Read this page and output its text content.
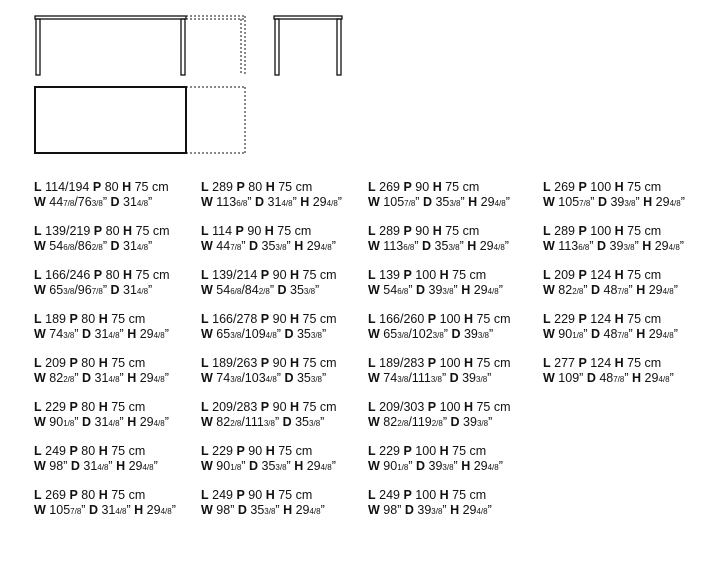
L 114/194 P 80 H 75 cm
W 447/8/763/8” D 314/8”
L 139/219 P 80 H 75 cm
W 546/8/862/8” D 314/8”
L 166/246 P 80 H 75 cm
W 653/8/967/8” D 314/8”
L 189 P 80 H 75 cm
W 743/8” D 314/8” H 294/8”
L 209 P 80 H 75 cm
W 822/8” D 314/8” H 294/8”
L 229 P 80 H 75 cm
W 901/8” D 314/8” H 294/8”
L 249 P 80 H 75 cm
W 98” D 314/8” H 294/8”
L 269 P 80 H 75 cm
W 1057/8” D 314/8” H 294/8”
L 289 P 80 H 75 cm
W 1136/8” D 314/8” H 294/8”
L 114 P 90 H 75 cm
W 447/8” D 353/8” H 294/8”
L 139/214 P 90 H 75 cm
W 546/8/842/8” D 353/8”
L 166/278 P 90 H 75 cm
W 653/8/1094/8” D 353/8”
L 189/263 P 90 H 75 cm
W 743/8/1034/8” D 353/8”
L 209/283 P 90 H 75 cm
W 822/8/1113/8” D 353/8”
L 229 P 90 H 75 cm
W 901/8” D 353/8” H 294/8”
L 249 P 90 H 75 cm
W 98” D 353/8” H 294/8”
L 269 P 90 H 75 cm
W 1057/8” D 353/8” H 294/8”
L 289 P 90 H 75 cm
W 1136/8” D 353/8” H 294/8”
L 139 P 100 H 75 cm
W 546/8” D 393/8” H 294/8”
L 166/260 P 100 H 75 cm
W 653/8/1023/8” D 393/8”
L 189/283 P 100 H 75 cm
W 743/8/1113/8” D 393/8”
L 209/303 P 100 H 75 cm
W 822/8/1192/8” D 393/8”
L 229 P 100 H 75 cm
W 901/8” D 393/8” H 294/8”
L 249 P 100 H 75 cm
W 98” D 393/8” H 294/8”
L 269 P 100 H 75 cm
W 1057/8” D 393/8” H 294/8”
L 289 P 100 H 75 cm
W 1136/8” D 393/8” H 294/8”
L 209 P 124 H 75 cm
W 822/8” D 487/8” H 294/8”
L 229 P 124 H 75 cm
W 901/8” D 487/8” H 294/8”
L 277 P 124 H 75 cm
W 109” D 487/8” H 294/8”
